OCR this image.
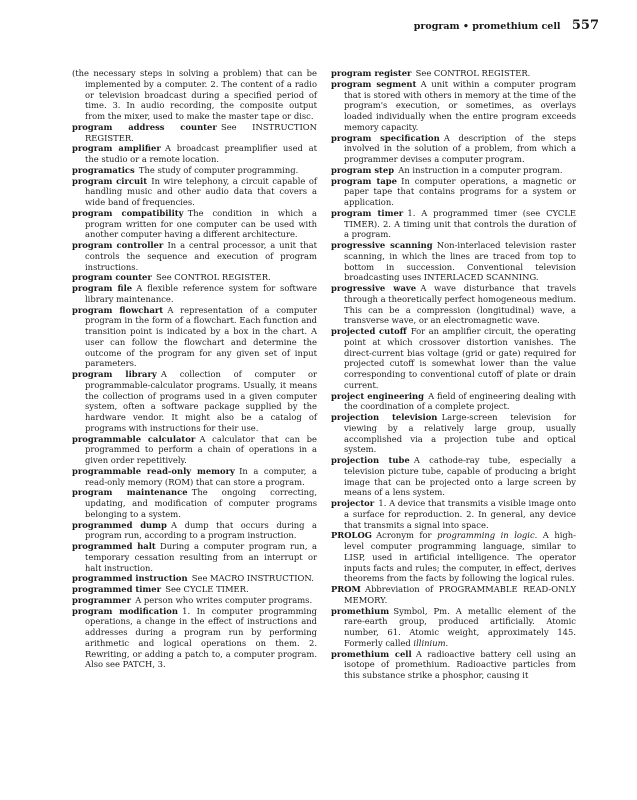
program • promethium cell 557

(the necessary steps in solving a problem) that can be implemented by a computer. 2. The content of a radio or television broadcast during a specified period of time. 3. In audio recording, the composite output from the mixer, used to make the master tape or disc.

program address counter  See INSTRUCTION REGISTER.

program amplifier  A broadcast preamplifier used at the studio or a remote location.

programatics  The study of computer programming.

program circuit  In wire telephony, a circuit capable of handling music and other audio data that covers a wide band of frequencies.

program compatibility  The condition in which a program written for one computer can be used with another computer having a different architecture.

program controller  In a central processor, a unit that controls the sequence and execution of program instructions.

program counter  See CONTROL REGISTER.

program file  A flexible reference system for software library maintenance.

program flowchart  A representation of a computer program in the form of a flowchart. Each function and transition point is indicated by a box in the chart. A user can follow the flowchart and determine the outcome of the program for any given set of input parameters.

program library  A collection of computer or programmable-calculator programs. Usually, it means the collection of programs used in a given computer system, often a software package supplied by the hardware vendor. It might also be a catalog of programs with instructions for their use.

programmable calculator  A calculator that can be programmed to perform a chain of operations in a given order repetitively.

programmable read-only memory  In a computer, a read-only memory (ROM) that can store a program.

program maintenance  The ongoing correcting, updating, and modification of computer programs belonging to a system.

programmed dump  A dump that occurs during a program run, according to a program instruction.

programmed halt  During a computer program run, a temporary cessation resulting from an interrupt or halt instruction.

programmed instruction  See MACRO INSTRUCTION.

programmed timer  See CYCLE TIMER.

programmer  A person who writes computer programs.

program modification  1. In computer programming operations, a change in the effect of instructions and addresses during a program run by performing arithmetic and logical operations on them. 2. Rewriting, or adding a patch to, a computer program. Also see PATCH, 3.

program register  See CONTROL REGISTER.

program segment  A unit within a computer program that is stored with others in memory at the time of the program's execution, or sometimes, as overlays loaded individually when the entire program exceeds memory capacity.

program specification  A description of the steps involved in the solution of a problem, from which a programmer devises a computer program.

program step  An instruction in a computer program.

program tape  In computer operations, a magnetic or paper tape that contains programs for a system or application.

program timer  1. A programmed timer (see CYCLE TIMER). 2. A timing unit that controls the duration of a program.

progressive scanning  Non-interlaced television raster scanning, in which the lines are traced from top to bottom in succession. Conventional television broadcasting uses INTERLACED SCANNING.

progressive wave  A wave disturbance that travels through a theoretically perfect homogeneous medium. This can be a compression (longitudinal) wave, a transverse wave, or an electromagnetic wave.

projected cutoff  For an amplifier circuit, the operating point at which crossover distortion vanishes. The direct-current bias voltage (grid or gate) required for projected cutoff is somewhat lower than the value corresponding to conventional cutoff of plate or drain current.

project engineering  A field of engineering dealing with the coordination of a complete project.

projection television  Large-screen television for viewing by a relatively large group, usually accomplished via a projection tube and optical system.

projection tube  A cathode-ray tube, especially a television picture tube, capable of producing a bright image that can be projected onto a large screen by means of a lens system.

projector  1. A device that transmits a visible image onto a surface for reproduction. 2. In general, any device that transmits a signal into space.

PROLOG  Acronym for programming in logic. A high-level computer programming language, similar to LISP, used in artificial intelligence. The operator inputs facts and rules; the computer, in effect, derives theorems from the facts by following the logical rules.

PROM  Abbreviation of PROGRAMMABLE READ-ONLY MEMORY.

promethium  Symbol, Pm. A metallic element of the rare-earth group, produced artificially. Atomic number, 61. Atomic weight, approximately 145. Formerly called illinium.

promethium cell  A radioactive battery cell using an isotope of promethium. Radioactive particles from this substance strike a phosphor, causing it
